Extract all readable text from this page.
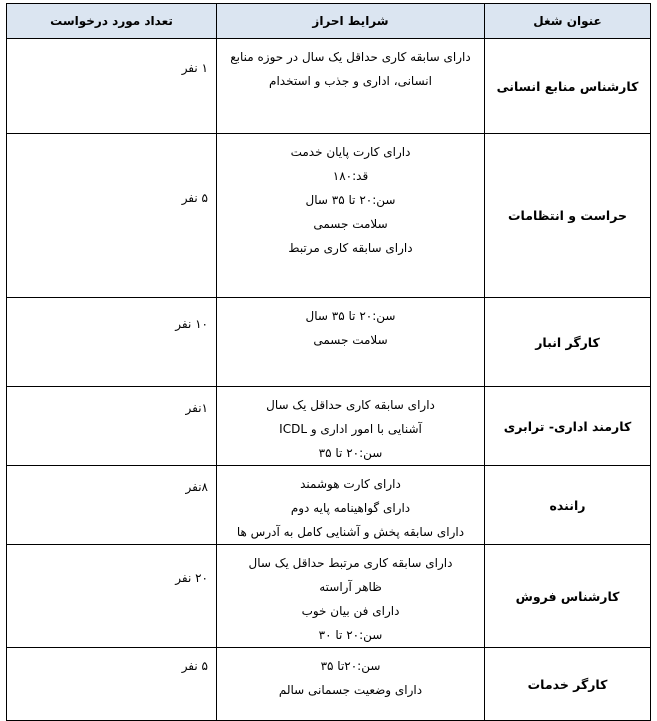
عنوان شغل	شرایط احراز	تعداد مورد درخواست
کارشناس منابع انسانی	دارای سابقه کاری حداقل یک سال در حوزه منابع
انسانی، اداری و جذب و استخدام	۱ نفر
حراست و انتظامات	دارای کارت پایان خدمت
قد:۱۸۰
سن:۲۰ تا ۳۵ سال
سلامت جسمی
دارای سابقه کاری مرتبط	۵ نفر
کارگر انبار	سن:۲۰ تا ۳۵ سال
سلامت جسمی	۱۰ نفر
کارمند اداری- ترابری	دارای سابقه کاری حداقل یک سال
آشنایی با امور اداری و ICDL
سن:۲۰ تا ۳۵	۱نفر
راننده	دارای کارت هوشمند
دارای گواهینامه پایه دوم
دارای سابقه پخش و آشنایی کامل به آدرس ها	۸نفر
کارشناس فروش	دارای سابقه کاری مرتبط حداقل یک سال
ظاهر آراسته
دارای فن بیان خوب
سن:۲۰ تا ۳۰	۲۰ نفر
کارگر خدمات	سن:۲۰تا ۳۵
دارای وضعیت جسمانی سالم	۵ نفر
